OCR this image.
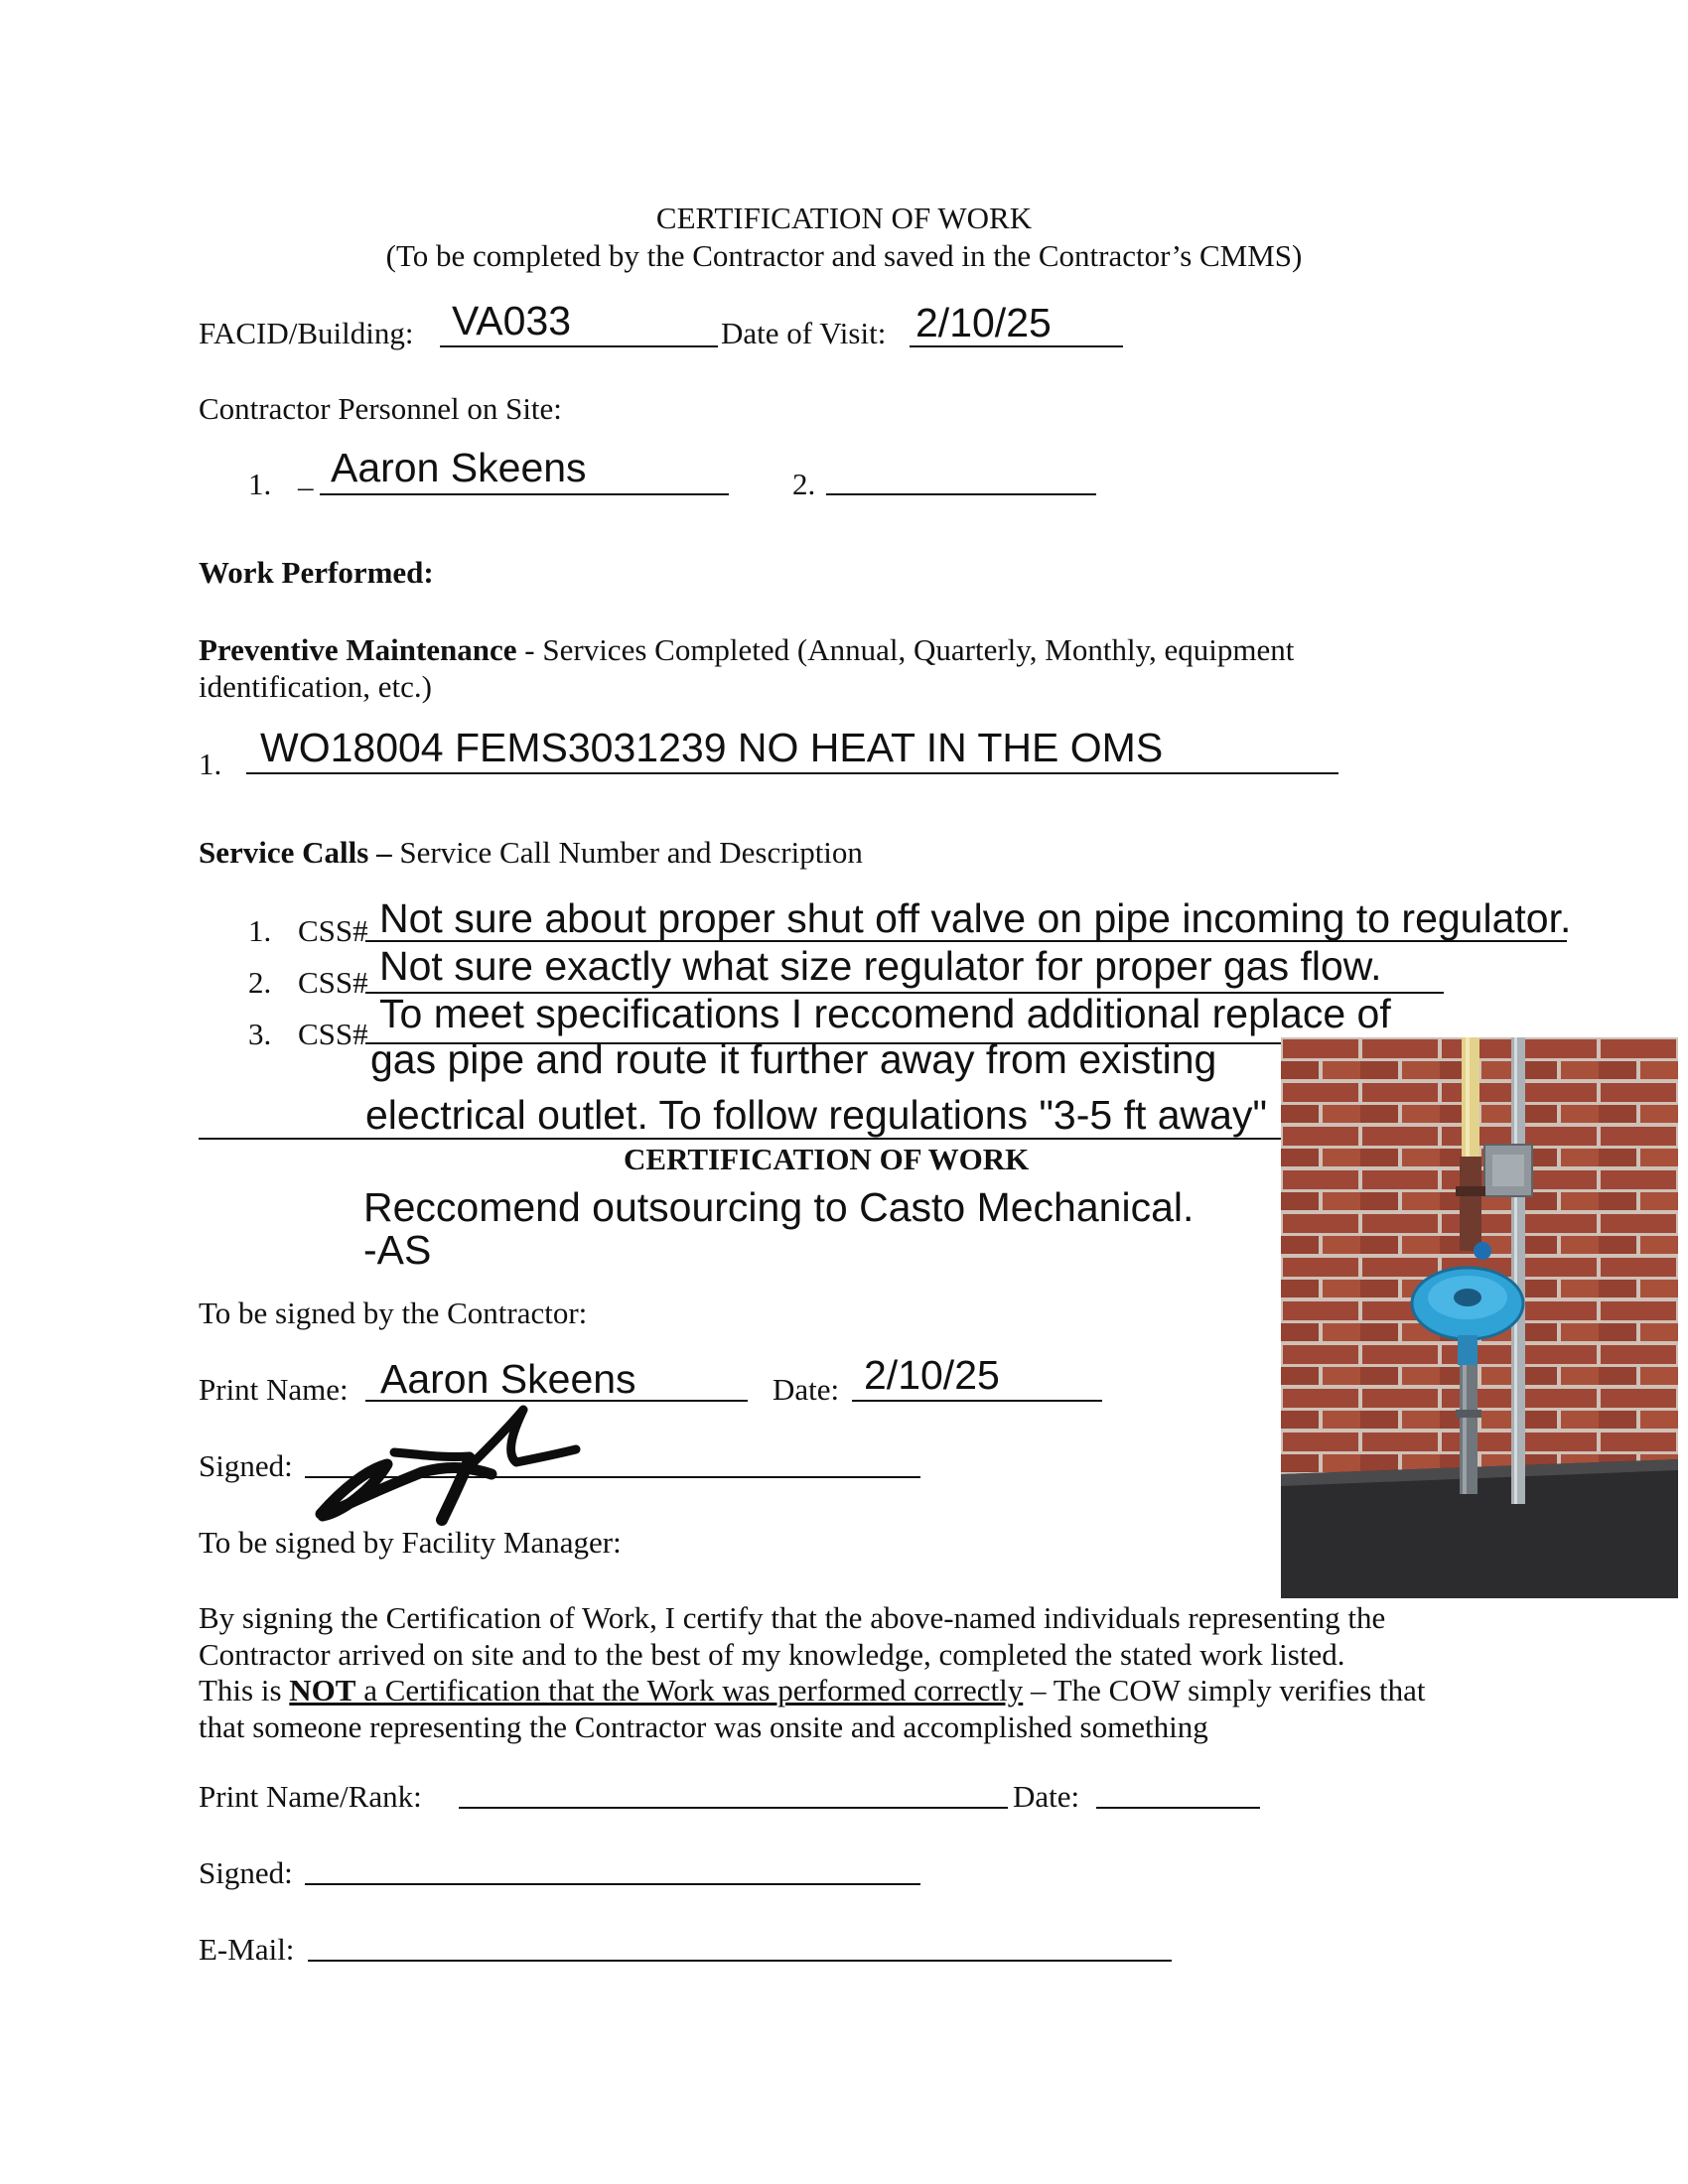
CERTIFICATION OF WORK
(To be completed by the Contractor and saved in the Contractor’s CMMS)
FACID/Building: VA033	Date of Visit: 2/10/25
Contractor Personnel on Site:
1. _ Aaron Skeens	2.
Work Performed:
Preventive Maintenance - Services Completed (Annual, Quarterly, Monthly, equipment
identification, etc.)
1. WO18004 FEMS3031239 NO HEAT IN THE OMS
Service Calls – Service Call Number and Description
1. CSS# Not sure about proper shut off valve on pipe incoming to regulator.
2. CSS# Not sure exactly what size regulator for proper gas flow.
3. CSS# To meet specifications I reccomend additional replace of
gas pipe and route it further away from existing
electrical outlet. To follow regulations "3-5 ft away"
CERTIFICATION OF WORK
Reccomend outsourcing to Casto Mechanical.
-AS
To be signed by the Contractor:
Print Name: Aaron Skeens	Date: 2/10/25
Signed:
To be signed by Facility Manager:
By signing the Certification of Work, I certify that the above-named individuals representing the
Contractor arrived on site and to the best of my knowledge, completed the stated work listed.
This is NOT a Certification that the Work was performed correctly – The COW simply verifies that
that someone representing the Contractor was onsite and accomplished something
Print Name/Rank:	Date:
Signed:
E-Mail:
